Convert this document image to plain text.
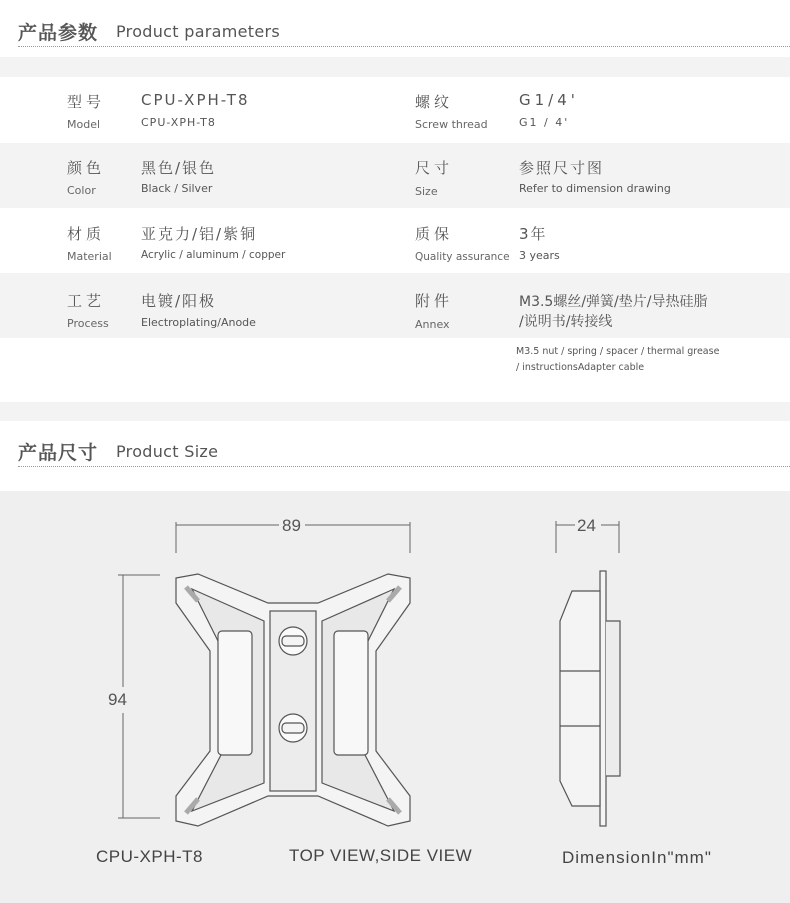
产品参数 Product parameters
型号
Model
CPU-XPH-T8
CPU-XPH-T8
螺纹
Screw thread
G1/4'
G1 / 4'
颜色
Color
黑色/银色
Black / Silver
尺寸
Size
参照尺寸图
Refer to dimension drawing
材质
Material
亚克力/铝/紫铜
Acrylic / aluminum / copper
质保
Quality assurance
3年
3 years
工艺
Process
电镀/阳极
Electroplating/Anode
附件
Annex
M3.5螺丝/弹簧/垫片/导热硅脂
/说明书/转接线
M3.5 nut / spring / spacer / thermal grease
/ instructionsAdapter cable
产品尺寸 Product Size
89
94
24
CPU-XPH-T8	TOP VIEW,SIDE VIEW	DimensionIn"mm"
